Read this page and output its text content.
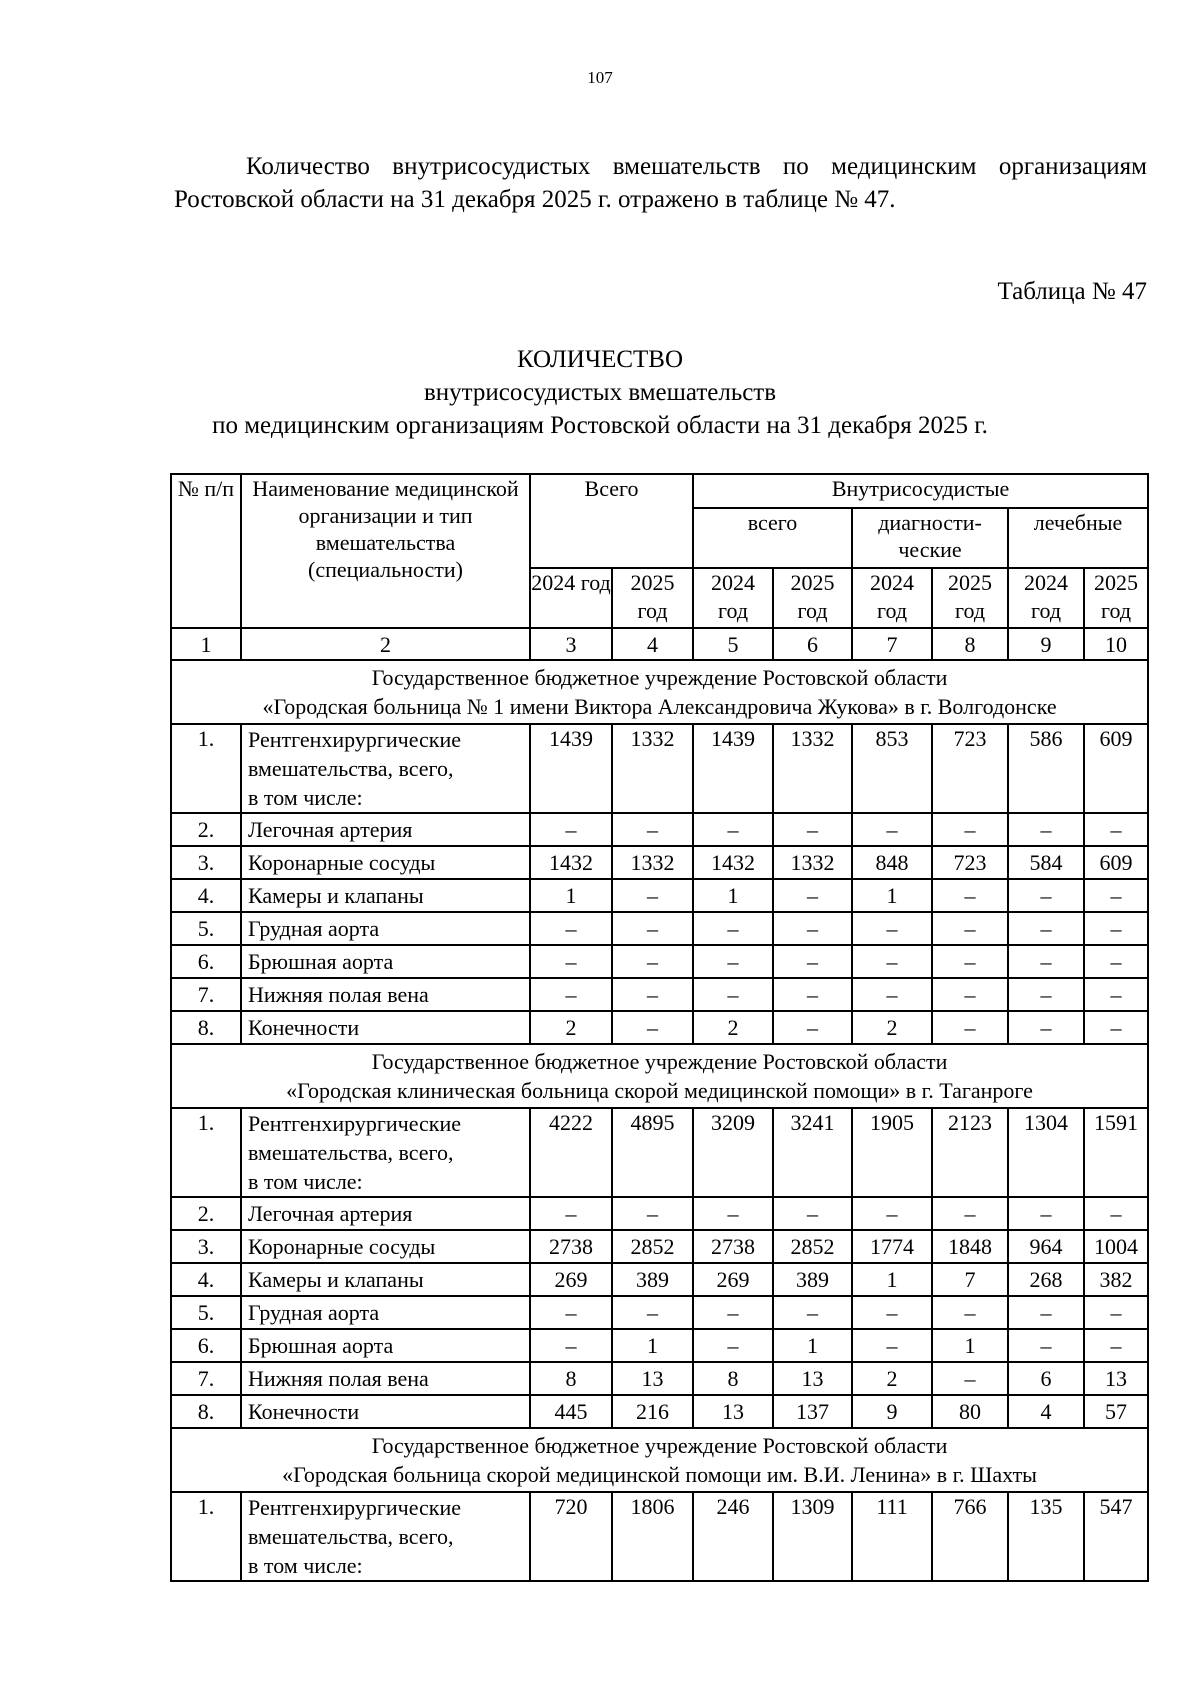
107

Количество внутрисосудистых вмешательств по медицинским организациям Ростовской области на 31 декабря 2025 г. отражено в таблице № 47.

Таблица № 47
КОЛИЧЕСТВО
внутрисосудистых вмешательств
по медицинским организациям Ростовской области на 31 декабря 2025 г.
№ п/п	Наименование медицинской организации и тип вмешательства (специальности)	Всего		Внутрисосудистые					
				всего		диагности-ческие		лечебные	
		2024 год	2025 год	2024 год	2025 год	2024 год	2025 год	2024 год	2025 год
1	2	3	4	5	6	7	8	9	10

Государственное бюджетное учреждение Ростовской области
«Городская больница № 1 имени Виктора Александровича Жукова» в г. Волгодонске									

1.	Рентгенхирургические вмешательства, всего, в том числе:	1439	1332	1439	1332	853	723	586	609
2.	Легочная артерия	–	–	–	–	–	–	–	–
3.	Коронарные сосуды	1432	1332	1432	1332	848	723	584	609
4.	Камеры и клапаны	1	–	1	–	1	–	–	–
5.	Грудная аорта	–	–	–	–	–	–	–	–
6.	Брюшная аорта	–	–	–	–	–	–	–	–
7.	Нижняя полая вена	–	–	–	–	–	–	–	–
8.	Конечности	2	–	2	–	2	–	–	–

Государственное бюджетное учреждение Ростовской области
«Городская клиническая больница скорой медицинской помощи» в г. Таганроге									

1.	Рентгенхирургические вмешательства, всего, в том числе:	4222	4895	3209	3241	1905	2123	1304	1591
2.	Легочная артерия	–	–	–	–	–	–	–	–
3.	Коронарные сосуды	2738	2852	2738	2852	1774	1848	964	1004
4.	Камеры и клапаны	269	389	269	389	1	7	268	382
5.	Грудная аорта	–	–	–	–	–	–	–	–
6.	Брюшная аорта	–	1	–	1	–	1	–	–
7.	Нижняя полая вена	8	13	8	13	2	–	6	13
8.	Конечности	445	216	13	137	9	80	4	57

Государственное бюджетное учреждение Ростовской области
«Городская больница скорой медицинской помощи им. В.И. Ленина» в г. Шахты									

1.	Рентгенхирургические вмешательства, всего, в том числе:	720	1806	246	1309	111	766	135	547
